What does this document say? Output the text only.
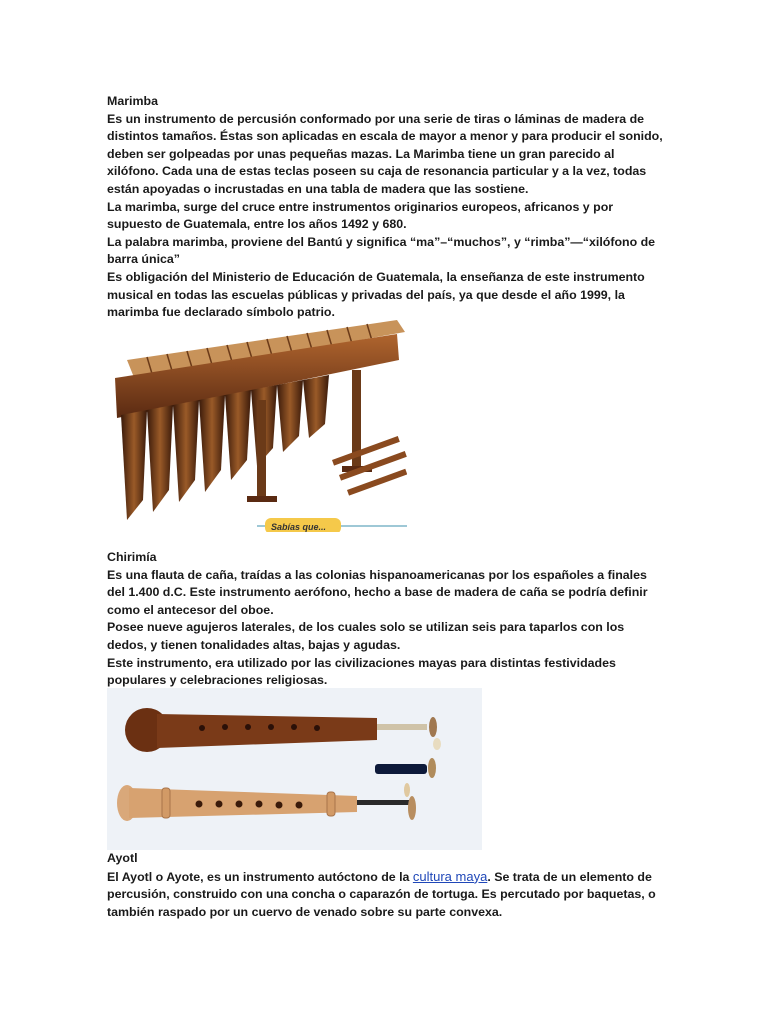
Marimba

Es un instrumento de percusión conformado por una serie de tiras o láminas de madera de distintos tamaños. Éstas son aplicadas en escala de mayor a menor y para producir el sonido, deben ser golpeadas por unas pequeñas mazas. La Marimba tiene un gran parecido al xilófono. Cada una de estas teclas poseen su caja de resonancia particular y a la vez, todas están apoyadas o incrustadas en una tabla de madera que las sostiene.

La marimba, surge del cruce entre instrumentos originarios europeos, africanos y por supuesto de Guatemala, entre los años 1492 y 680.

La palabra marimba, proviene del Bantú y significa “ma”–“muchos”, y “rimba”—“xilófono de barra única”

Es obligación del Ministerio de Educación de Guatemala, la enseñanza de este instrumento musical en todas las escuelas públicas y privadas del país, ya que desde el año 1999, la marimba fue declarado símbolo patrio.

Sabías que...

Chirimía

Es una flauta de caña, traídas a las colonias hispanoamericanas por los españoles a finales del 1.400 d.C. Este instrumento aerófono, hecho a base de madera de caña se podría definir como el antecesor del oboe.

Posee nueve agujeros laterales, de los cuales solo se utilizan seis para taparlos con los dedos, y tienen tonalidades altas, bajas y agudas.

Este instrumento, era utilizado por las civilizaciones mayas para distintas festividades populares y celebraciones religiosas.

Ayotl

El Ayotl o Ayote, es un instrumento autóctono de la cultura maya. Se trata de un elemento de percusión, construido con una concha o caparazón de tortuga. Es percutado por baquetas, o también raspado por un cuervo de venado sobre su parte convexa.
